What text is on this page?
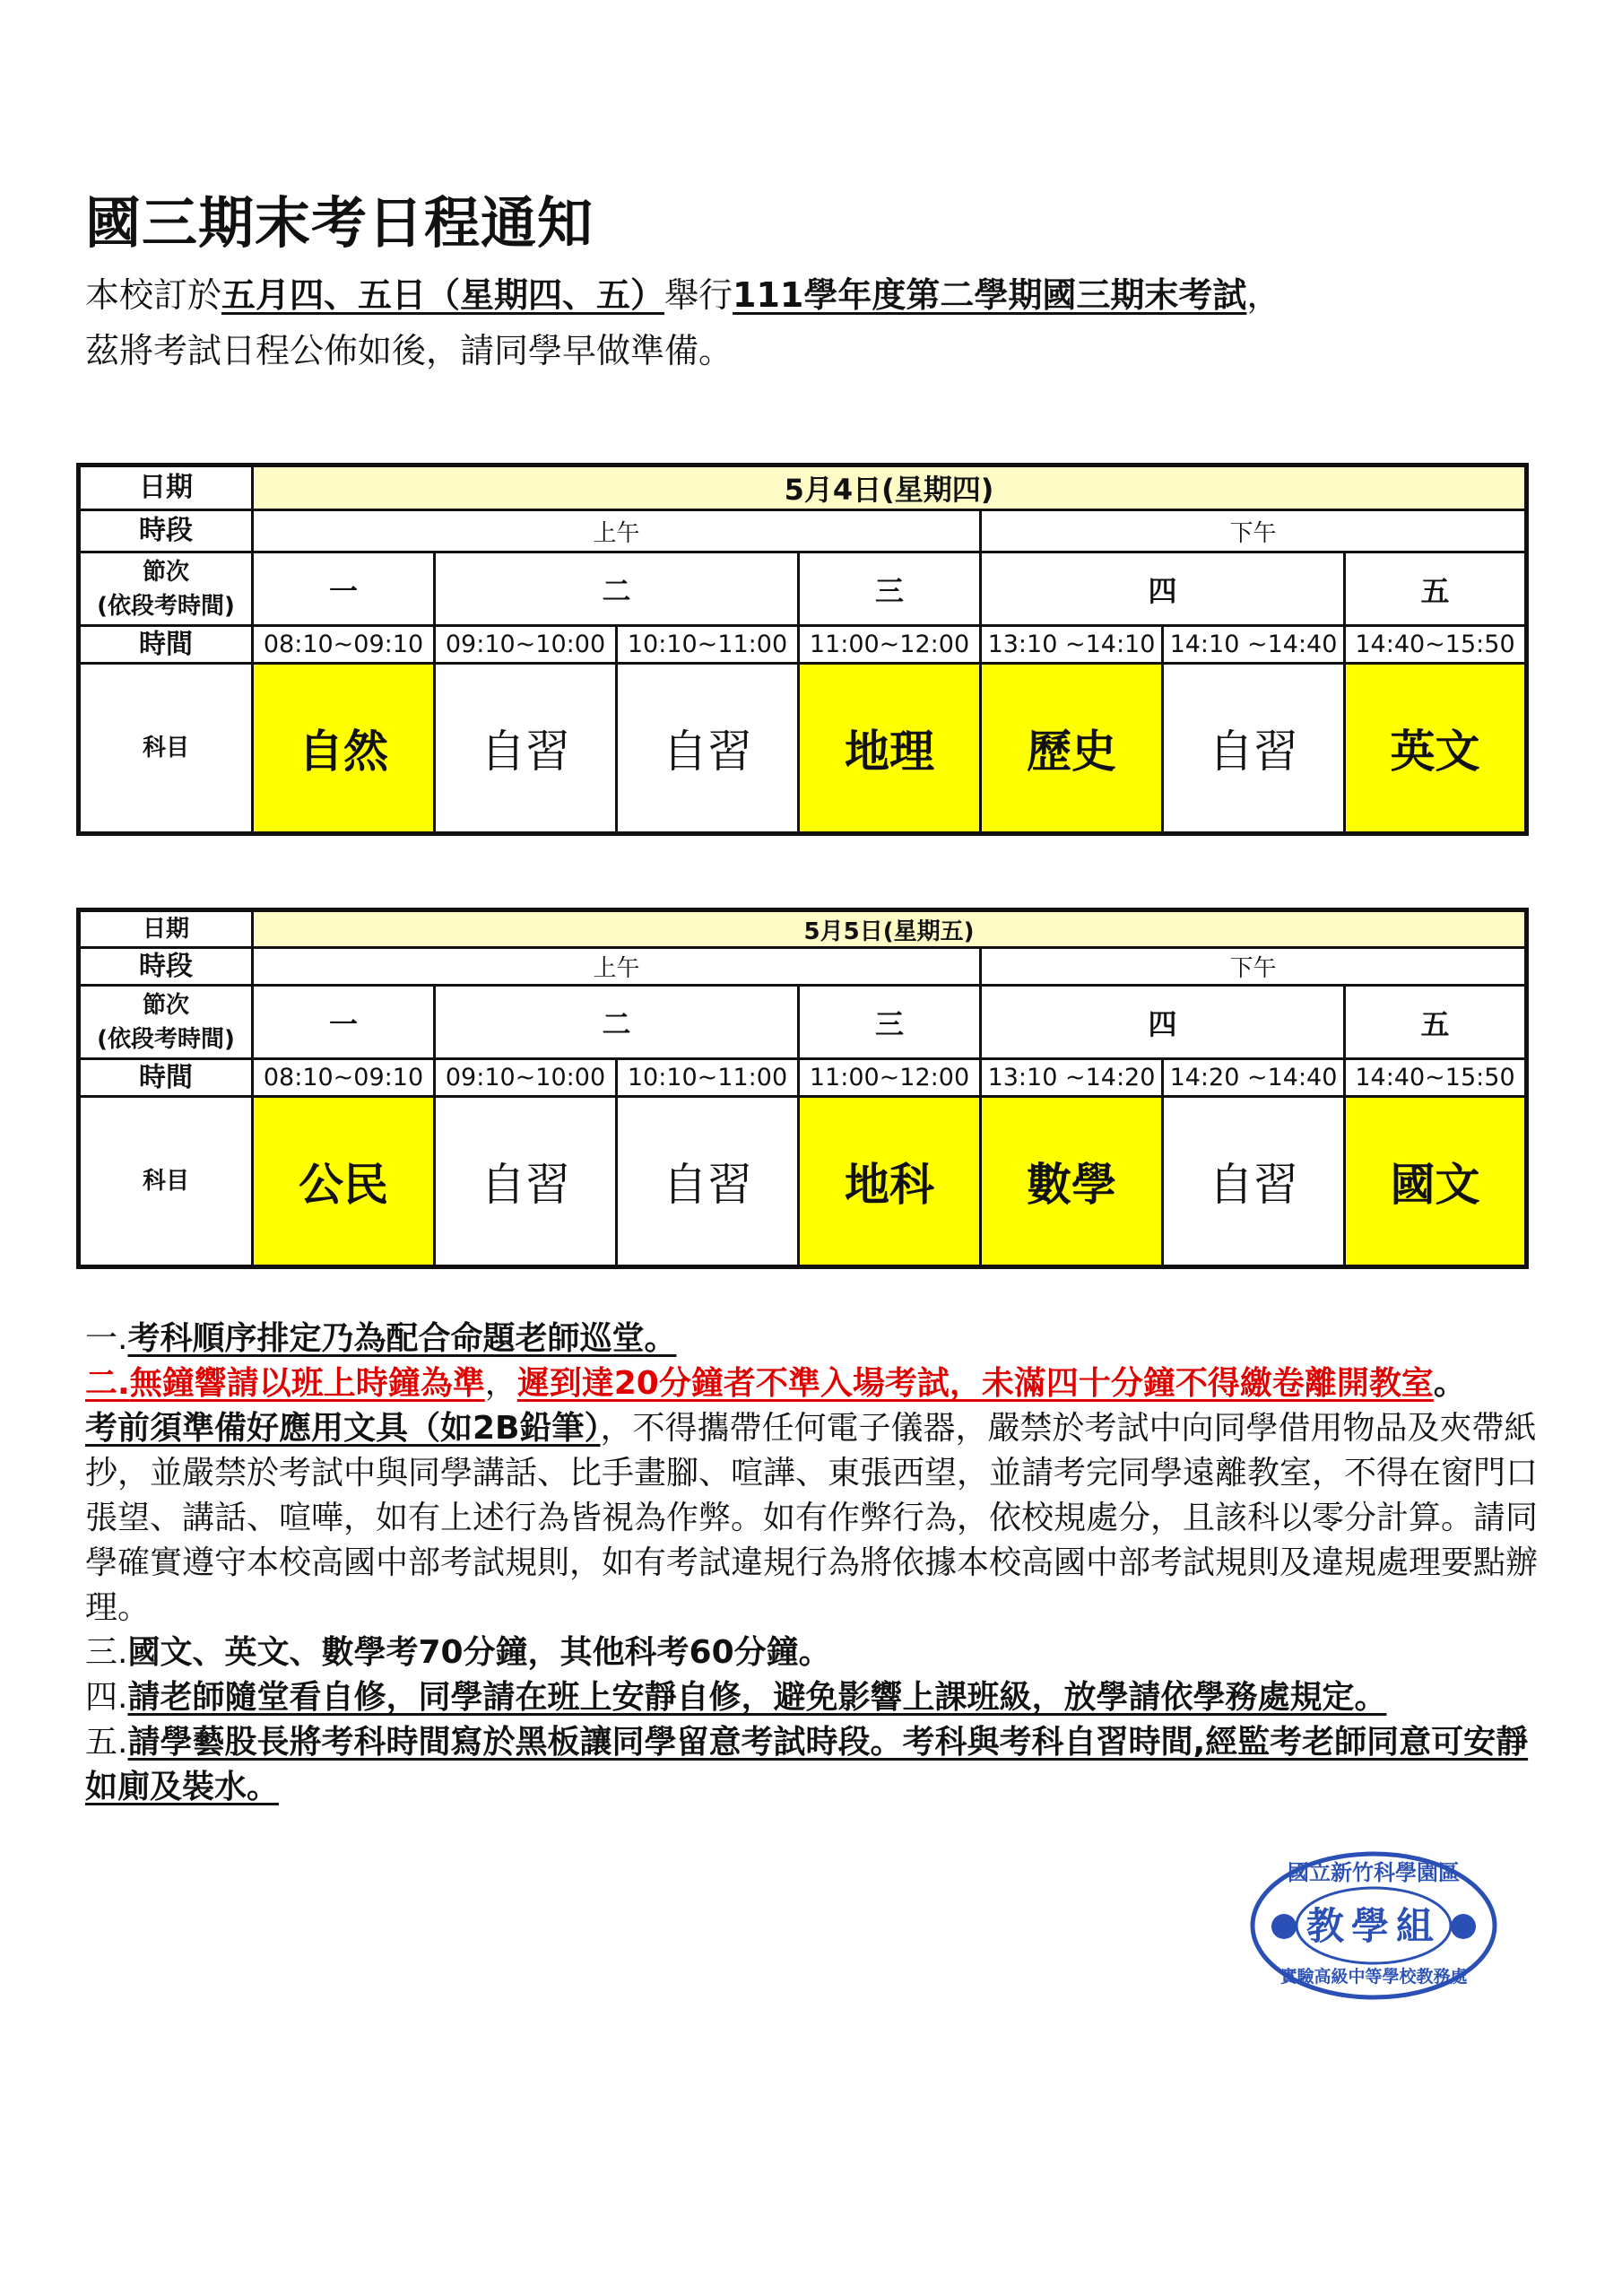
國三期末考日程通知
本校訂於五月四、五日（星期四、五）舉行111學年度第二學期國三期末考試，
茲將考試日程公佈如後，請同學早做準備。
日期	5月4日(星期四)						
時段	上午				下午		
節次
(依段考時間)	一	二		三	四		五
時間	08:10~09:10	09:10~10:00	10:10~11:00	11:00~12:00	13:10 ~14:10	14:10 ~14:40	14:40~15:50
科目	自然	自習	自習	地理	歷史	自習	英文
日期	5月5日(星期五)						
時段	上午				下午		
節次
(依段考時間)	一	二		三	四		五
時間	08:10~09:10	09:10~10:00	10:10~11:00	11:00~12:00	13:10 ~14:20	14:20 ~14:40	14:40~15:50
科目	公民	自習	自習	地科	數學	自習	國文

一.考科順序排定乃為配合命題老師巡堂。

二.無鐘響請以班上時鐘為準，遲到達20分鐘者不準入場考試，未滿四十分鐘不得繳卷離開教室。

考前須準備好應用文具（如2B鉛筆），不得攜帶任何電子儀器，嚴禁於考試中向同學借用物品及夾帶紙抄，並嚴禁於考試中與同學講話、比手畫腳、喧譁、東張西望，並請考完同學遠離教室，不得在窗門口張望、講話、喧嘩，如有上述行為皆視為作弊。如有作弊行為，依校規處分，且該科以零分計算。請同學確實遵守本校高國中部考試規則，如有考試違規行為將依據本校高國中部考試規則及違規處理要點辦理。

三.國文、英文、數學考70分鐘，其他科考60分鐘。

四.請老師隨堂看自修，同學請在班上安靜自修，避免影響上課班級，放學請依學務處規定。

五.請學藝股長將考科時間寫於黑板讓同學留意考試時段。考科與考科自習時間,經監考老師同意可安靜如廁及裝水。

國立新竹科學園區
教學組
實驗高級中等學校教務處
